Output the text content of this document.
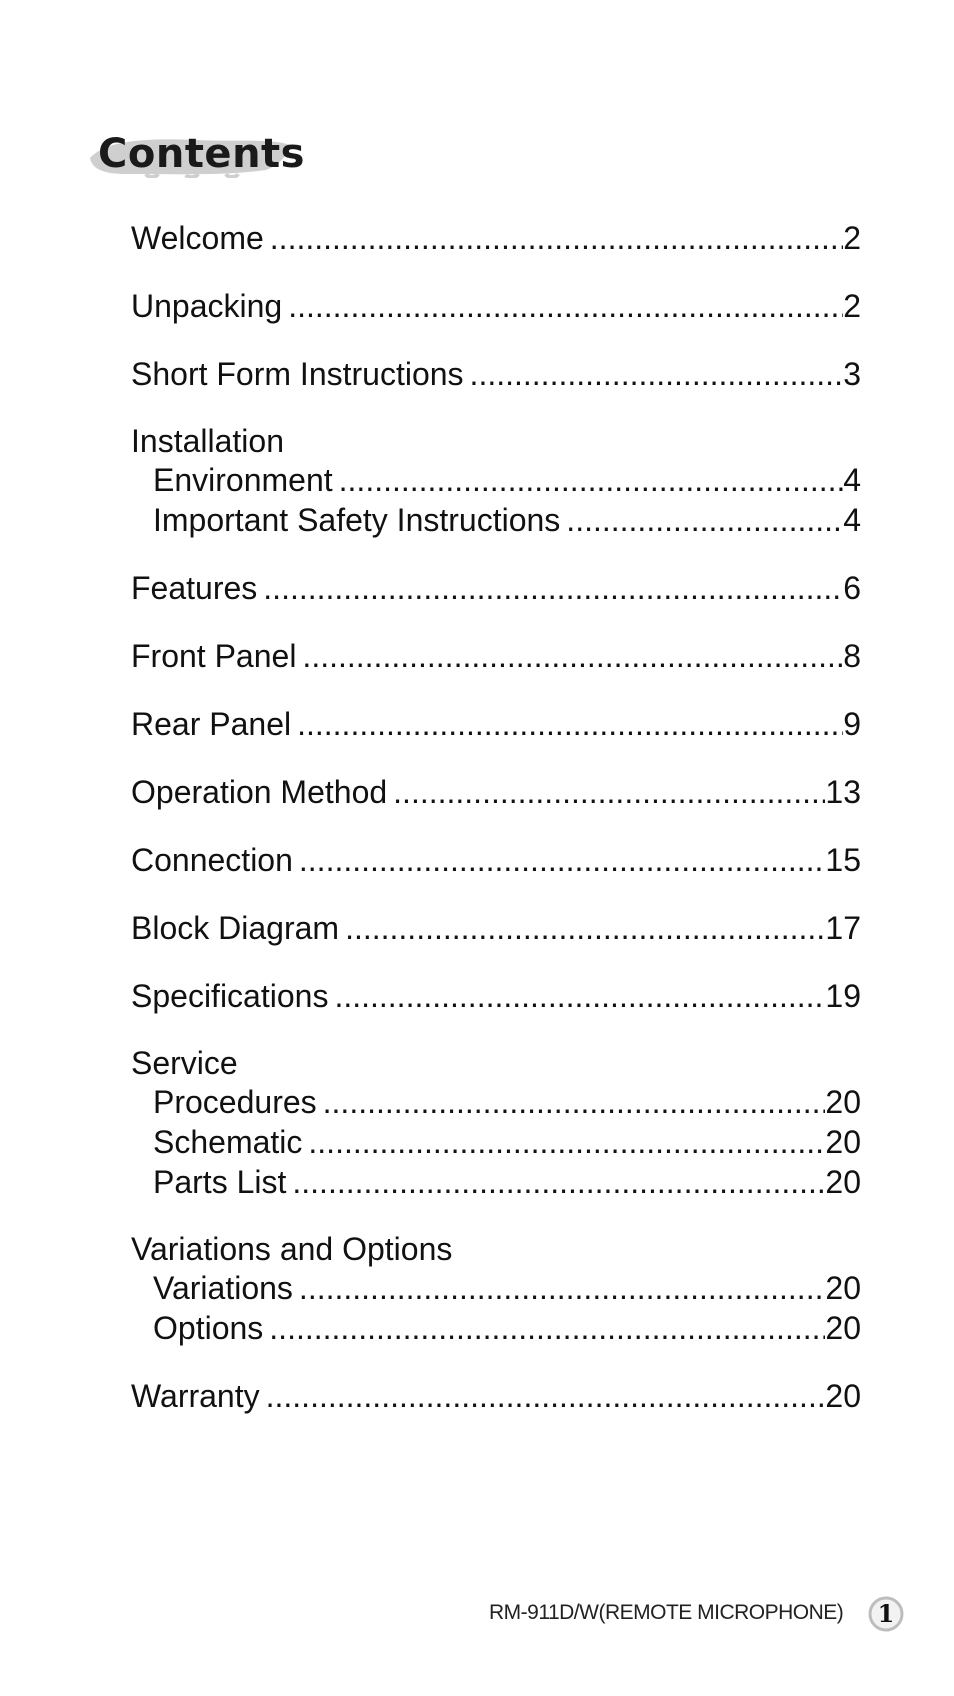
Contents
Welcome .....	2
Unpacking .....	2
Short Form Instructions .....	3
Installation
Environment .....	4
Important Safety Instructions .....	4
Features .....	6
Front Panel .....	8
Rear Panel .....	9
Operation Method .....	13
Connection .....	15
Block Diagram .....	17
Specifications .....	19
Service
Procedures .....	20
Schematic .....	20
Parts List .....	20
Variations and Options
Variations .....	20
Options .....	20
Warranty .....	20
RM-911D/W(REMOTE MICROPHONE)	1
